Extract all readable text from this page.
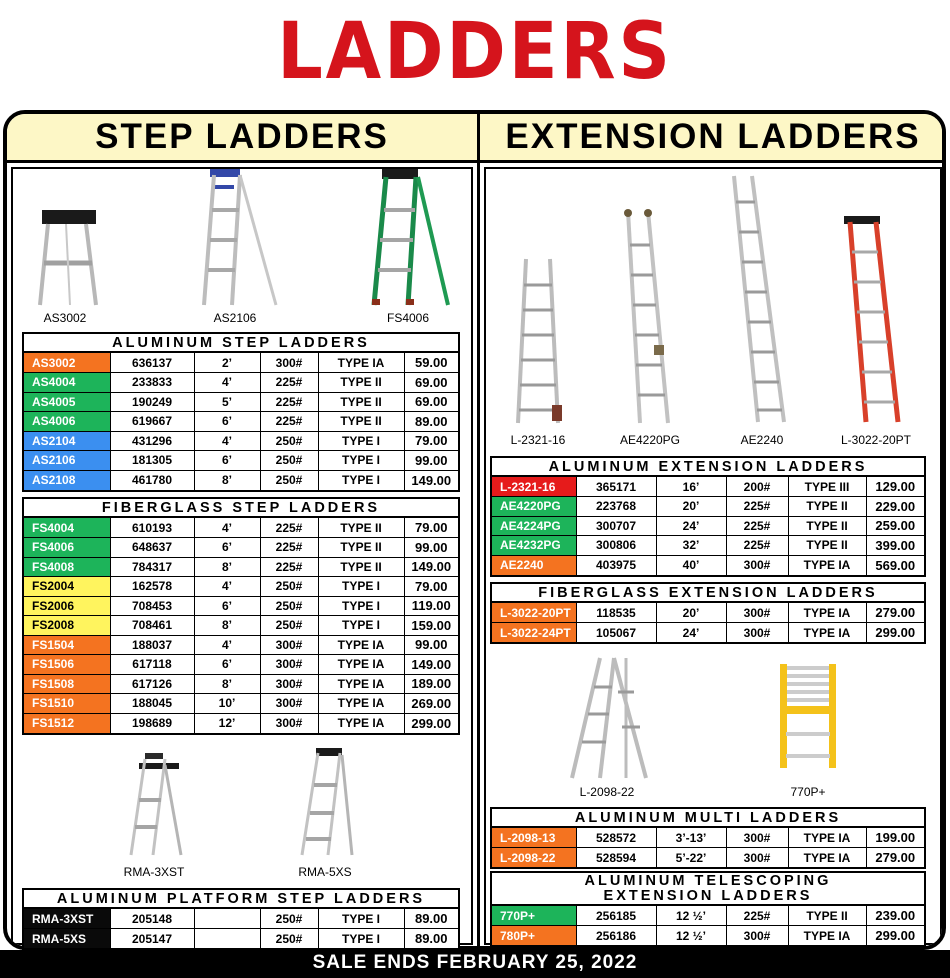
LADDERS
STEP LADDERS	EXTENSION LADDERS
AS3002	AS2106	FS4006
ALUMINUM STEP LADDERS
AS3002	636137	2’	300#	TYPE IA	59.00
AS4004	233833	4’	225#	TYPE II	69.00
AS4005	190249	5’	225#	TYPE II	69.00
AS4006	619667	6’	225#	TYPE II	89.00
AS2104	431296	4’	250#	TYPE I	79.00
AS2106	181305	6’	250#	TYPE I	99.00
AS2108	461780	8’	250#	TYPE I	149.00
FIBERGLASS STEP LADDERS
FS4004	610193	4’	225#	TYPE II	79.00
FS4006	648637	6’	225#	TYPE II	99.00
FS4008	784317	8’	225#	TYPE II	149.00
FS2004	162578	4’	250#	TYPE I	79.00
FS2006	708453	6’	250#	TYPE I	119.00
FS2008	708461	8’	250#	TYPE I	159.00
FS1504	188037	4’	300#	TYPE IA	99.00
FS1506	617118	6’	300#	TYPE IA	149.00
FS1508	617126	8’	300#	TYPE IA	189.00
FS1510	188045	10’	300#	TYPE IA	269.00
FS1512	198689	12’	300#	TYPE IA	299.00
RMA-3XST	RMA-5XS
ALUMINUM PLATFORM STEP LADDERS
RMA-3XST	205148		250#	TYPE I	89.00
RMA-5XS	205147		250#	TYPE I	89.00
L-2321-16	AE4220PG	AE2240	L-3022-20PT
ALUMINUM EXTENSION LADDERS
L-2321-16	365171	16’	200#	TYPE III	129.00
AE4220PG	223768	20’	225#	TYPE II	229.00
AE4224PG	300707	24’	225#	TYPE II	259.00
AE4232PG	300806	32’	225#	TYPE II	399.00
AE2240	403975	40’	300#	TYPE IA	569.00
FIBERGLASS EXTENSION LADDERS
L-3022-20PT	118535	20’	300#	TYPE IA	279.00
L-3022-24PT	105067	24’	300#	TYPE IA	299.00
L-2098-22	770P+
ALUMINUM MULTI LADDERS
L-2098-13	528572	3’-13’	300#	TYPE IA	199.00
L-2098-22	528594	5’-22’	300#	TYPE IA	279.00
ALUMINUM TELESCOPING
EXTENSION LADDERS
770P+	256185	12 ½’	225#	TYPE II	239.00
780P+	256186	12 ½’	300#	TYPE IA	299.00
SALE ENDS FEBRUARY 25, 2022
